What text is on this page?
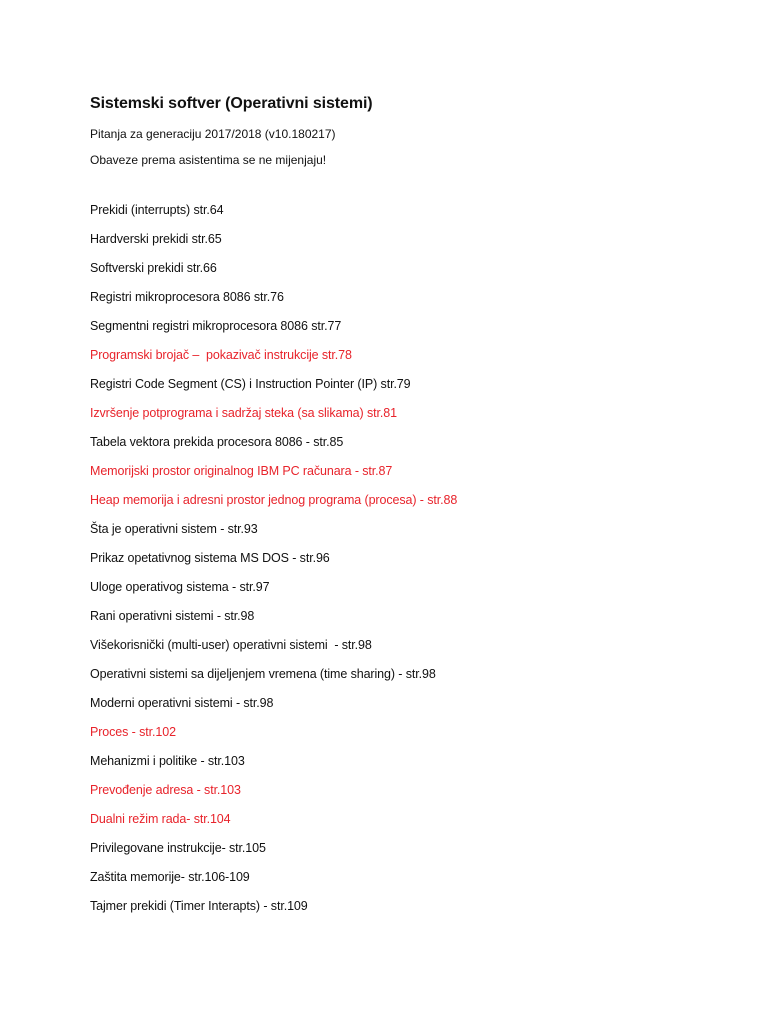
Sistemski softver (Operativni sistemi)

Pitanja za generaciju 2017/2018 (v10.180217)

Obaveze prema asistentima se ne mijenjaju!

Prekidi (interrupts) str.64
Hardverski prekidi str.65
Softverski prekidi str.66
Registri mikroprocesora 8086 str.76
Segmentni registri mikroprocesora 8086 str.77
Programski brojač –  pokazivač instrukcije str.78
Registri Code Segment (CS) i Instruction Pointer (IP) str.79
Izvršenje potprograma i sadržaj steka (sa slikama) str.81
Tabela vektora prekida procesora 8086 - str.85
Memorijski prostor originalnog IBM PC računara - str.87
Heap memorija i adresni prostor jednog programa (procesa) - str.88
Šta je operativni sistem - str.93
Prikaz opetativnog sistema MS DOS - str.96
Uloge operativog sistema - str.97
Rani operativni sistemi - str.98
Višekorisnički (multi-user) operativni sistemi  - str.98
Operativni sistemi sa dijeljenjem vremena (time sharing) - str.98
Moderni operativni sistemi - str.98
Proces - str.102
Mehanizmi i politike - str.103
Prevođenje adresa - str.103
Dualni režim rada- str.104
Privilegovane instrukcije- str.105
Zaštita memorije- str.106-109
Tajmer prekidi (Timer Interapts) - str.109
